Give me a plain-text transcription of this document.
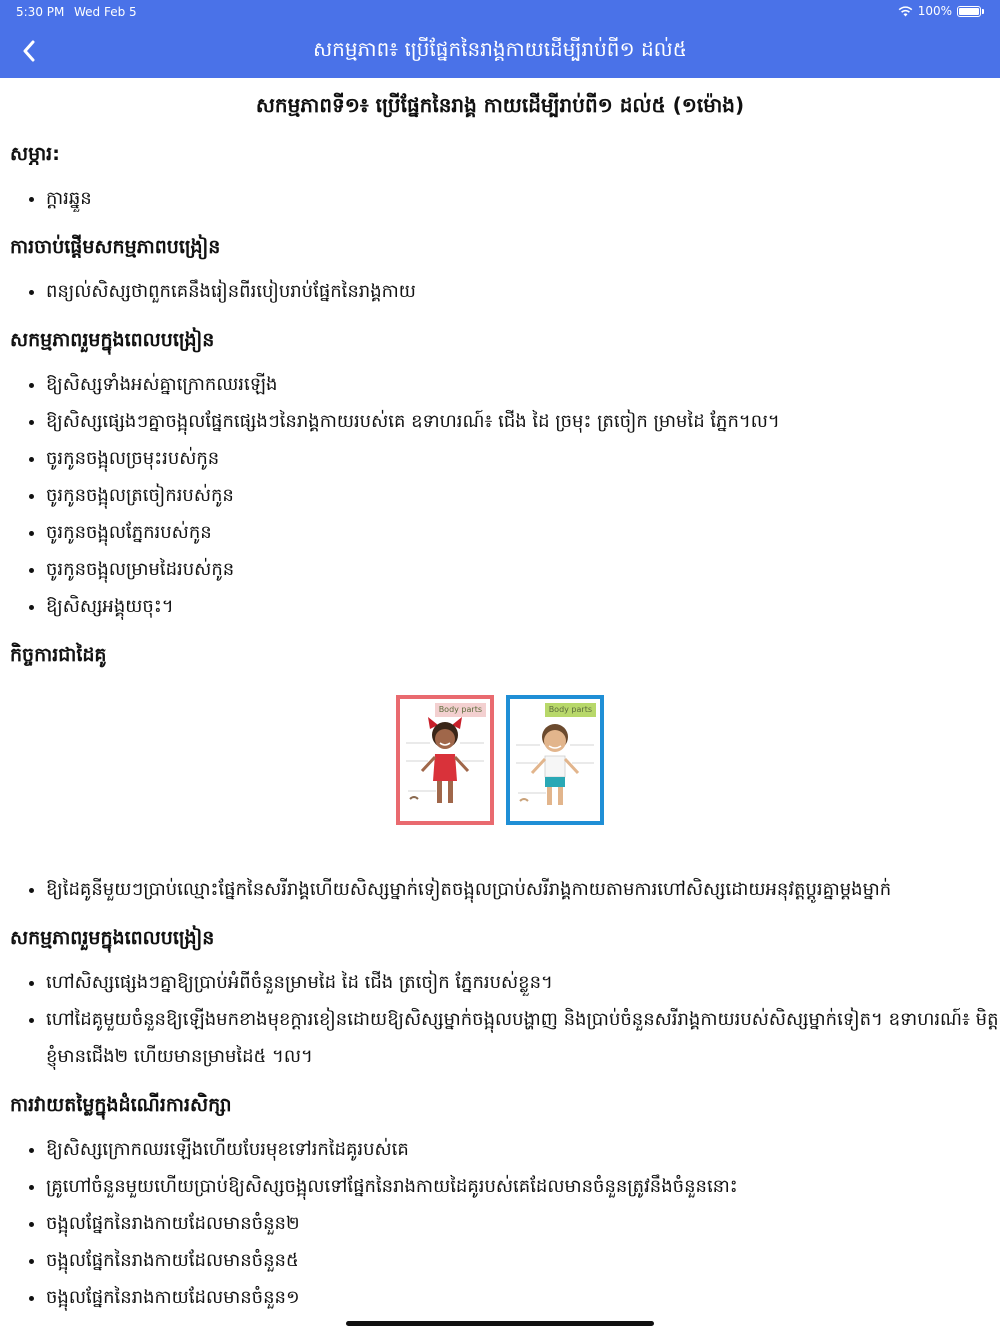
5:30 PM Wed Feb 5	100%
សកម្មភាព៖ ប្រើផ្នែកនៃរាង្គកាយដើម្បីរាប់ពី១ ដល់៥
សកម្មភាពទី១៖ ប្រើផ្នែកនៃរាង្គ កាយដើម្បីរាប់ពី១ ដល់៥ (១ម៉ោង)
សម្ភារ:
• ក្តារឆ្នួន
ការចាប់ផ្តើមសកម្មភាពបង្រៀន
• ពន្យល់សិស្សថាពួកគេនឹងរៀនពីរបៀបរាប់ផ្នែកនៃរាង្គកាយ
សកម្មភាពរួមក្នុងពេលបង្រៀន
• ឱ្យសិស្សទាំងអស់គ្នាក្រោកឈរឡើង
• ឱ្យសិស្សផ្សេងៗគ្នាចង្អុលផ្នែកផ្សេងៗនៃរាង្គកាយរបស់គេ ឧទាហរណ៍៖ ជើង ដៃ ច្រមុះ ត្រចៀក ម្រាមដៃ ភ្នែក។ល។
• ចូរកូនចង្អុលច្រមុះរបស់កូន
• ចូរកូនចង្អុលត្រចៀករបស់កូន
• ចូរកូនចង្អុលភ្នែករបស់កូន
• ចូរកូនចង្អុលម្រាមដៃរបស់កូន
• ឱ្យសិស្សអង្គុយចុះ។
កិច្ចការជាដៃគូ
Body parts	Body parts
• ឱ្យដៃគូនីមួយៗប្រាប់ឈ្មោះផ្នែកនៃសរីរាង្គហើយសិស្សម្នាក់ទៀតចង្អុលប្រាប់សរីរាង្គកាយតាមការហៅសិស្សដោយអនុវត្តប្តូរគ្នាម្តងម្នាក់
សកម្មភាពរួមក្នុងពេលបង្រៀន
• ហៅសិស្សផ្សេងៗគ្នាឱ្យប្រាប់អំពីចំនួនម្រាមដៃ ដៃ ជើង ត្រចៀក ភ្នែករបស់ខ្លួន។
• ហៅដៃគូមួយចំនួនឱ្យឡើងមកខាងមុខក្តារខៀនដោយឱ្យសិស្សម្នាក់ចង្អុលបង្ហាញ និងប្រាប់ចំនួនសរីរាង្គកាយរបស់សិស្សម្នាក់ទៀត។ ឧទាហរណ៍៖ មិត្តខ្ញុំមានជើង២ ហើយមានម្រាមដៃ៥ ។ល។
ការវាយតម្លៃក្នុងដំណើរការសិក្សា
• ឱ្យសិស្សក្រោកឈរឡើងហើយបែរមុខទៅរកដៃគូរបស់គេ
• គ្រូហៅចំនួនមួយហើយប្រាប់ឱ្យសិស្សចង្អុលទៅផ្នែកនៃរាងកាយដៃគូរបស់គេដែលមានចំនួនត្រូវនឹងចំនួននោះ
• ចង្អុលផ្នែកនៃរាងកាយដែលមានចំនួន២
• ចង្អុលផ្នែកនៃរាងកាយដែលមានចំនួន៥
• ចង្អុលផ្នែកនៃរាងកាយដែលមានចំនួន១
